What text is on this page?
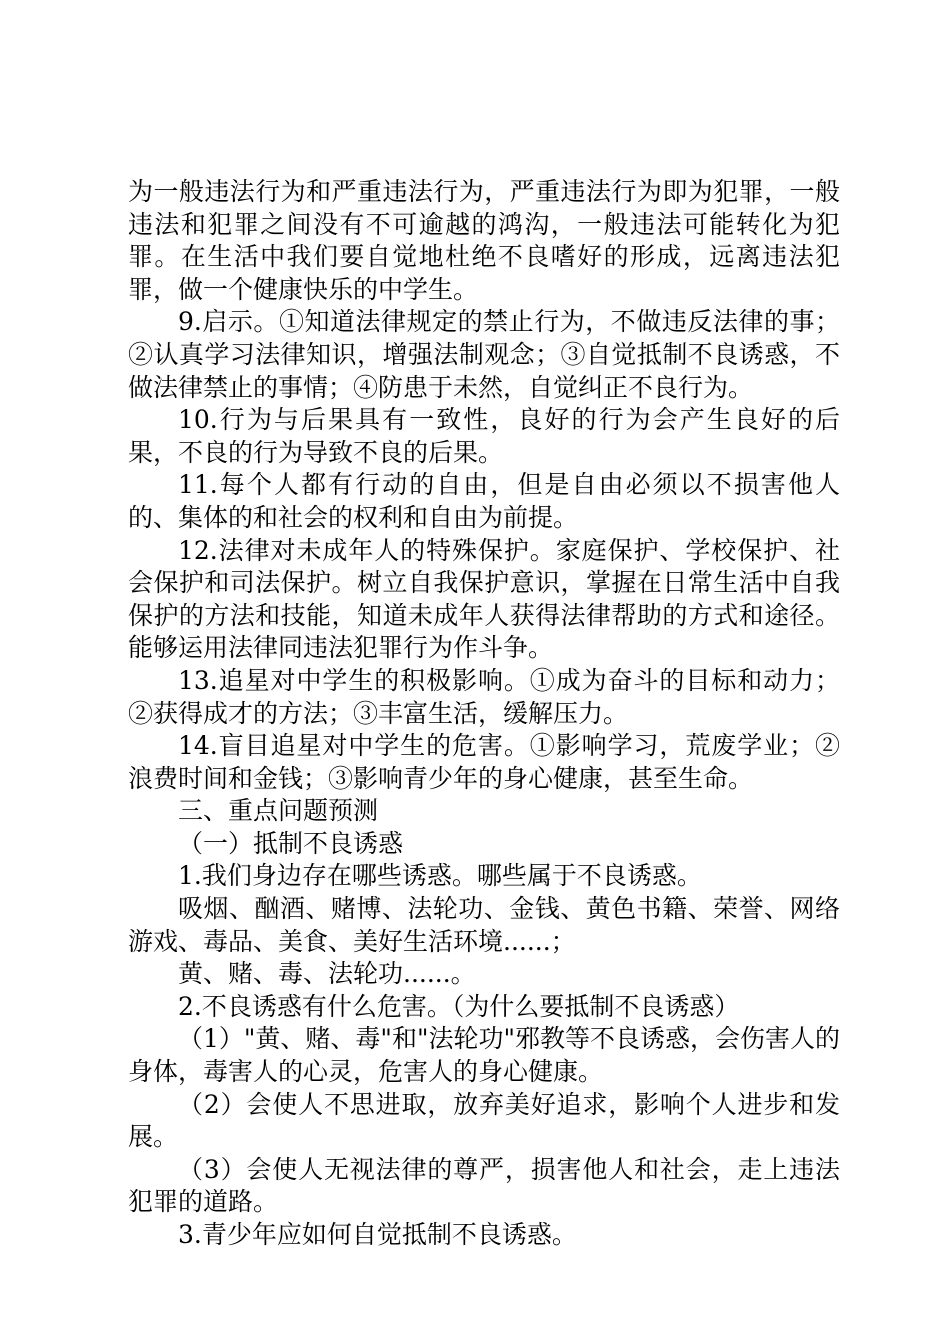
为一般违法行为和严重违法行为，严重违法行为即为犯罪，一般违法和犯罪之间没有不可逾越的鸿沟，一般违法可能转化为犯罪。在生活中我们要自觉地杜绝不良嗜好的形成，远离违法犯罪，做一个健康快乐的中学生。

9.启示。①知道法律规定的禁止行为，不做违反法律的事；②认真学习法律知识，增强法制观念；③自觉抵制不良诱惑，不做法律禁止的事情；④防患于未然，自觉纠正不良行为。

10.行为与后果具有一致性，良好的行为会产生良好的后果，不良的行为导致不良的后果。

11.每个人都有行动的自由，但是自由必须以不损害他人的、集体的和社会的权利和自由为前提。

12.法律对未成年人的特殊保护。家庭保护、学校保护、社会保护和司法保护。树立自我保护意识，掌握在日常生活中自我保护的方法和技能，知道未成年人获得法律帮助的方式和途径。能够运用法律同违法犯罪行为作斗争。

13.追星对中学生的积极影响。①成为奋斗的目标和动力；②获得成才的方法；③丰富生活，缓解压力。

14.盲目追星对中学生的危害。①影响学习，荒废学业；②浪费时间和金钱；③影响青少年的身心健康，甚至生命。

三、重点问题预测

（一）抵制不良诱惑

1.我们身边存在哪些诱惑。哪些属于不良诱惑。

吸烟、酗酒、赌博、法轮功、金钱、黄色书籍、荣誉、网络游戏、毒品、美食、美好生活环境......；

黄、赌、毒、法轮功......。

2.不良诱惑有什么危害。（为什么要抵制不良诱惑）

（1）"黄、赌、毒"和"法轮功"邪教等不良诱惑，会伤害人的身体，毒害人的心灵，危害人的身心健康。

（2）会使人不思进取，放弃美好追求，影响个人进步和发展。

（3）会使人无视法律的尊严，损害他人和社会，走上违法犯罪的道路。

3.青少年应如何自觉抵制不良诱惑。
